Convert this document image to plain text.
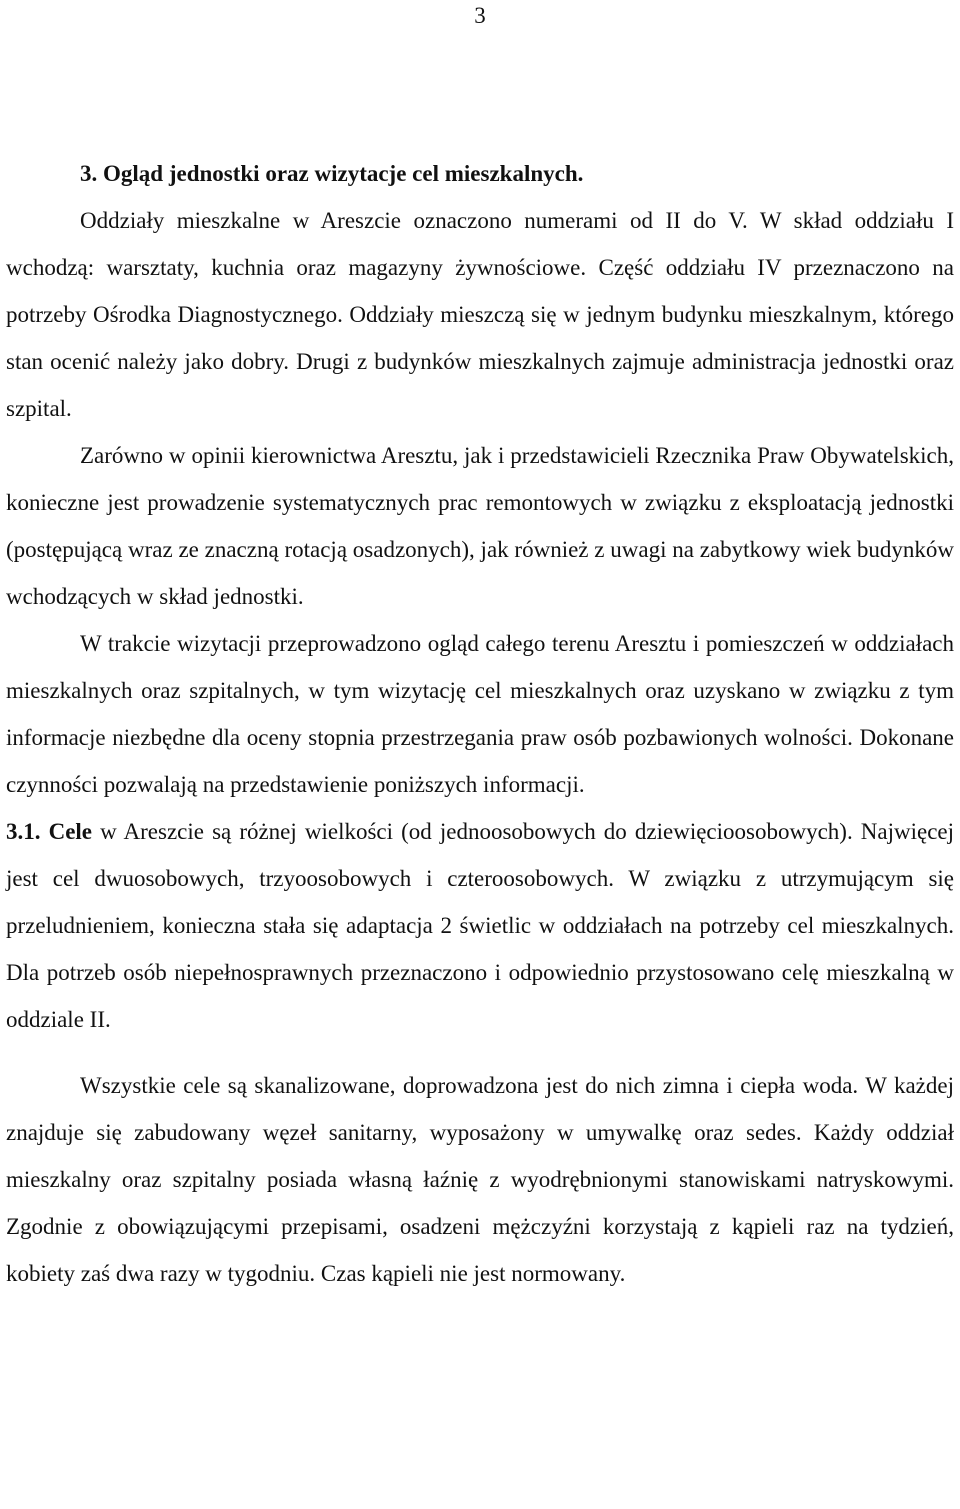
3

3. Ogląd jednostki oraz wizytacje cel mieszkalnych.

Oddziały mieszkalne w Areszcie oznaczono numerami od II do V. W skład oddziału I wchodzą: warsztaty, kuchnia oraz magazyny żywnościowe. Część oddziału IV przeznaczono na potrzeby Ośrodka Diagnostycznego. Oddziały mieszczą się w jednym budynku mieszkalnym, którego stan ocenić należy jako dobry. Drugi z budynków mieszkalnych zajmuje administracja jednostki oraz szpital.

Zarówno w opinii kierownictwa Aresztu, jak i przedstawicieli Rzecznika Praw Obywatelskich, konieczne jest prowadzenie systematycznych prac remontowych w związku z eksploatacją jednostki (postępującą wraz ze znaczną rotacją osadzonych), jak również z uwagi na zabytkowy wiek budynków wchodzących w skład jednostki.

W trakcie wizytacji przeprowadzono ogląd całego terenu Aresztu i pomieszczeń w oddziałach mieszkalnych oraz szpitalnych, w tym wizytację cel mieszkalnych oraz uzyskano w związku z tym informacje niezbędne dla oceny stopnia przestrzegania praw osób pozbawionych wolności. Dokonane czynności pozwalają na przedstawienie poniższych informacji.

3.1. Cele w Areszcie są różnej wielkości (od jednoosobowych do dziewięcioosobowych). Najwięcej jest cel dwuosobowych, trzyoosobowych i czteroosobowych. W związku z utrzymującym się przeludnieniem, konieczna stała się adaptacja 2 świetlic w oddziałach na potrzeby cel mieszkalnych. Dla potrzeb osób niepełnosprawnych przeznaczono i odpowiednio przystosowano celę mieszkalną w oddziale II.

Wszystkie cele są skanalizowane, doprowadzona jest do nich zimna i ciepła woda. W każdej znajduje się zabudowany węzeł sanitarny, wyposażony w umywalkę oraz sedes. Każdy oddział mieszkalny oraz szpitalny posiada własną łaźnię z wyodrębnionymi stanowiskami natryskowymi. Zgodnie z obowiązującymi przepisami, osadzeni mężczyźni korzystają z kąpieli raz na tydzień, kobiety zaś dwa razy w tygodniu. Czas kąpieli nie jest normowany.
